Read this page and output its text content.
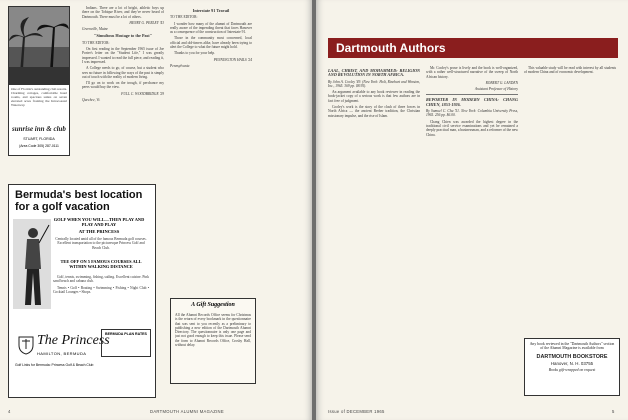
One of Florida's outstanding club resorts. Charming cottages, comfortable hotel rooms, and spacious suites on seven elevated acres fronting the Intracoastal Waterway.
sunrise inn & club
STUART, FLORIDA
(Area Code 305) 287-0111
Bermuda's best location for a golf vacation
GOLF WHEN YOU WILL—THEN PLAY AND PLAY AND PLAY
AT THE PRINCESS
Centrally located amid all of the famous Bermuda golf courses. Excellent transportation to the picturesque Princess Golf and Beach Club.
TEE OFF ON 5 FAMOUS COURSES ALL WITHIN WALKING DISTANCE

Golf, tennis, swimming, fishing, sailing. Excellent cuisine. Pink sand beach and cabana club.

Tennis • Golf • Boating • Swimming • Fishing • Night Club • Cocktail Lounges • Shops.

The Princess
HAMILTON, BERMUDA
BERMUDA PLAN RATES
Golf Links for Bermuda: Princess Golf & Beach Club

Indians. There are a lot of bright, athletic boys up there on the Tobique River, and they've never heard of Dartmouth. There must be a lot of others.

HENRY G. PERLEY '43

Greenville, Maine

"Simultous Hostage to the Past"

TO THE EDITOR:

On first reading in the September 1965 issue of Joe Porter's letter on the "Student Life," I was greatly impressed. I wanted to read the full piece, and reading it, I was impressed.

A College needs to go, of course, but a student who sees no future in following the ways of the past is simply out of touch with the reality of modern living.

I'll go on to work on the trough, if perchance my peers would buy the view.

FULL C. WOODBRIDGE '29

Quechee, Vt.

Interstate 91 Travail

TO THE EDITOR:

I wonder how many of the alumni of Dartmouth are really aware of the impending threat that faces Hanover as a consequence of the construction of Interstate 91.

Those in the community most concerned, local official and old-timers alike, have already been trying to alert the College to what the future might hold.

Thanks to you for your help.

PENNINGTON HAILS '24

Pennsylvania

A Gift Suggestion
All the Alumni Records Office seems for Christmas is the return of every bookmark in the questionnaire that was sent to you recently as a preliminary to publishing a new edition of the Dartmouth Alumni Directory. The questionnaire is only one page and just not good enough to keep this issue. Please send the form to Alumni Records Office, Crosby Hall, without delay.
4	DARTMOUTH ALUMNI MAGAZINE
Dartmouth Authors
LAAL, CHRIST, AND MOHAMMED: RELIGION AND REVOLUTION IN NORTH AFRICA.

By John A. Cooley '49. (New York: Holt, Rinehart and Winston, Inc., 1965. 369 pp. $8.95).

An argument available to any book reviewer in reading the book-jacket copy of a serious work is that few authors are in fact free of judgment.

Cooley's work is the story of the clash of three forces in North Africa — the ancient Berber tradition, the Christian missionary impulse, and the rise of Islam.

Mr. Cooley's prose is lively and the book is well-organized, with a rather well-structured narrative of the sweep of North African history.

ROBERT G. LANDEN

Assistant Professor of History

REPORTER IN MODERN CHINA: CHANG CHIEN, 1853-1926.

By Samuel C. Chu '51. New York: Columbia University Press, 1965. 256 pp. $6.00.

Chang Chien was awarded the highest degree in the traditional civil service examinations and yet he remained a deeply practical man, a businessman, and a reformer of the new China.

This valuable study will be read with interest by all students of modern China and of economic development.

Any book reviewed in the "Dartmouth Authors" section of the Alumni Magazine is available from
DARTMOUTH BOOKSTORE
Hanover, N. H. 03755
Books gift-wrapped on request
Issue of DECEMBER 1965	5
